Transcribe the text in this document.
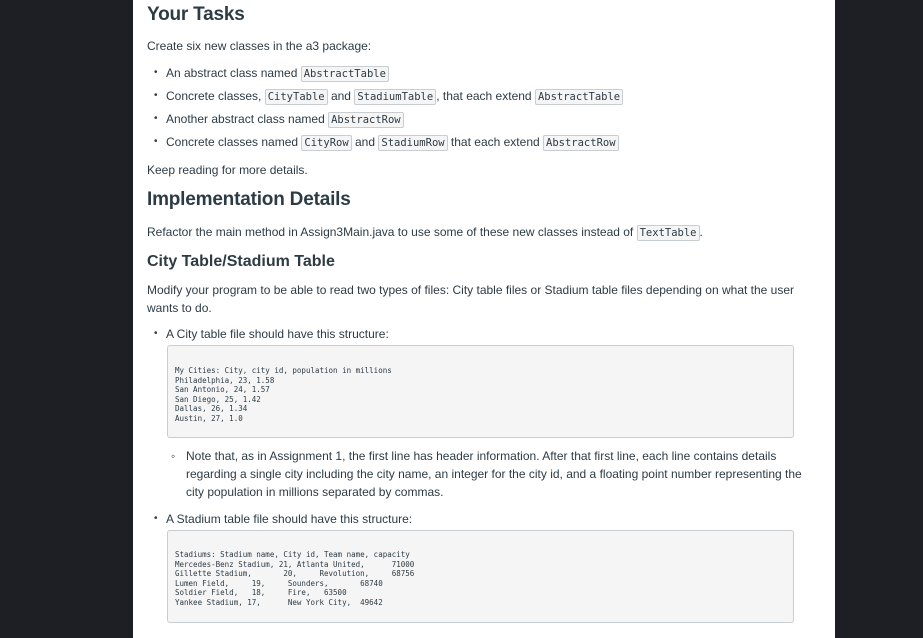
Your Tasks

Create six new classes in the a3 package:

• An abstract class named AbstractTable
• Concrete classes, CityTable and StadiumTable , that each extend AbstractTable
• Another abstract class named AbstractRow
• Concrete classes named CityRow and StadiumRow that each extend AbstractRow

Keep reading for more details.

Implementation Details

Refactor the main method in Assign3Main.java to use some of these new classes instead of TextTable .

City Table/Stadium Table

Modify your program to be able to read two types of files: City table files or Stadium table files depending on what the user wants to do.

• A City table file should have this structure:
My Cities: City, city id, population in millions
Philadelphia, 23, 1.58
San Antonio, 24, 1.57
San Diego, 25, 1.42
Dallas, 26, 1.34
Austin, 27, 1.0
◦ Note that, as in Assignment 1, the first line has header information. After that first line, each line contains details regarding a single city including the city name, an integer for the city id, and a floating point number representing the city population in millions separated by commas.
• A Stadium table file should have this structure:
Stadiums: Stadium name, City id, Team name, capacity
Mercedes-Benz Stadium, 21, Atlanta United,      71000
Gillette Stadium,       20,     Revolution,     68756
Lumen Field,     19,     Sounders,       68740
Soldier Field,   18,     Fire,   63500
Yankee Stadium, 17,      New York City,  49642
